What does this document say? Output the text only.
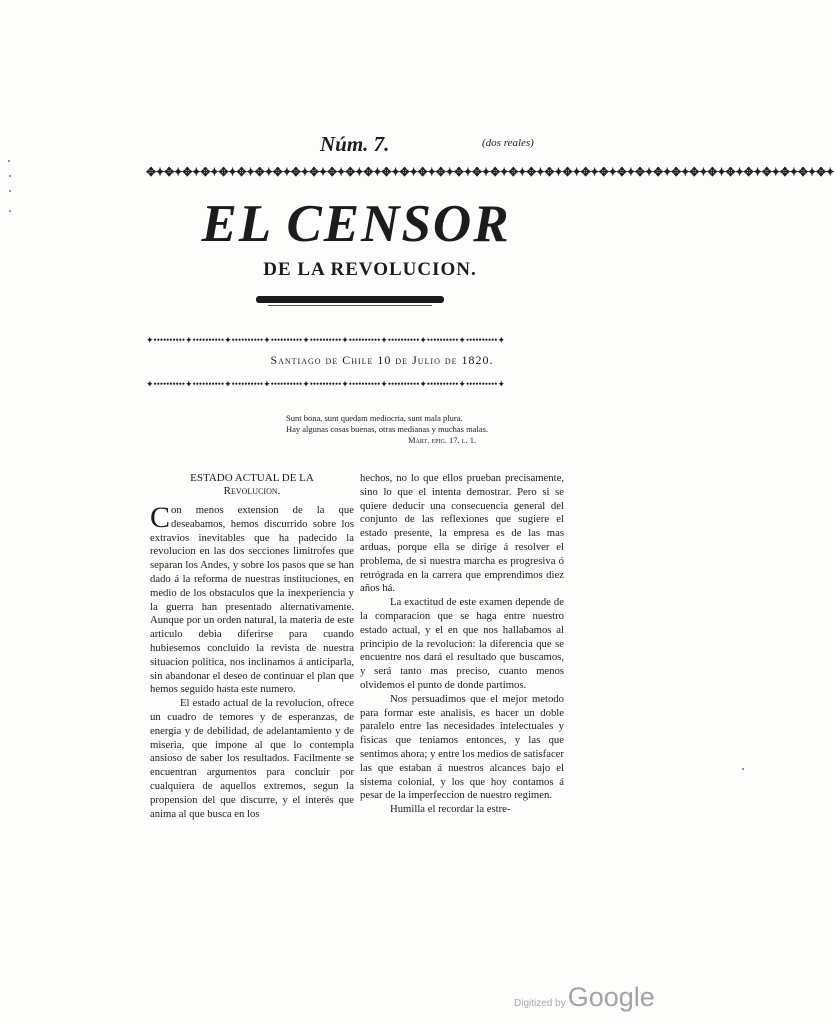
Núm. 7.	(dos reales)
✥✦✥✦✥✦✥✦✥✦✥✦✥✦✥✦✥✦✥✦✥✦✥✦✥✦✥✦✥✦✥✦✥✦✥✦✥✦✥✦✥✦✥✦✥✦✥✦✥✦✥✦✥✦✥✦✥✦✥✦✥✦✥✦✥✦✥✦✥✦✥✦✥✦✥✦
EL CENSOR
DE LA REVOLUCION.
✦••••••••••✦••••••••••✦••••••••••✦••••••••••✦••••••••••✦••••••••••✦••••••••••✦••••••••••✦••••••••••✦
Santiago de Chile 10 de Julio de 1820.
✦••••••••••✦••••••••••✦••••••••••✦••••••••••✦••••••••••✦••••••••••✦••••••••••✦••••••••••✦••••••••••✦
Sunt bona, sunt quedam mediocria, sunt mala plura.
Hay algunas cosas buenas, otras medianas y muchas malas.
Mart. epig. 17. l. 1.
ESTADO ACTUAL DE LA
Revolucion.

Con menos extension de la que deseabamos, hemos discurrido sobre los extravios inevitables que ha padecido la revolucion en las dos secciones limitrofes que separan los Andes, y sobre los pasos que se han dado á la reforma de nuestras instituciones, en medio de los obstaculos que la inexperiencia y la guerra han presentado alternativamente. Aunque por un orden natural, la materia de este articulo debia diferirse para cuando hubiesemos concluido la revista de nuestra situacion politica, nos inclinamos á anticiparla, sin abandonar el deseo de continuar el plan que hemos seguido hasta este numero.

El estado actual de la revolucion, ofrece un cuadro de temores y de esperanzas, de energia y de debilidad, de adelantamiento y de miseria, que impone al que lo contempla ansioso de saber los resultados. Facilmente se encuentran argumentos para concluir por cualquiera de aquellos extremos, segun la propension del que discurre, y el interés que anima al que busca en los

hechos, no lo que ellos prueban precisamente, sino lo que el intenta demostrar. Pero si se quiere deducir una consecuencia general del conjunto de las reflexiones que sugiere el estado presente, la empresa es de las mas arduas, porque ella se dirige á resolver el problema, de si nuestra marcha es progresiva ó retrógrada en la carrera que emprendimos diez años há.

La exactitud de este examen depende de la comparacion que se haga entre nuestro estado actual, y el en que nos hallabamos al principio de la revolucion: la diferencia que se encuentre nos dará el resultado que buscamos, y será tanto mas preciso, cuanto menos olvidemos el punto de donde partimos.

Nos persuadimos que el mejor metodo para formar este analisis, es hacer un doble paralelo entre las necesidades intelectuales y fisicas que teniamos entonces, y las que sentimos ahora; y entre los medios de satisfacer las que estaban á nuestros alcances bajo el sistema colonial, y los que hoy contamos á pesar de la imperfeccion de nuestro regimen.

Humilla el recordar la estre-

Digitized byGoogle
